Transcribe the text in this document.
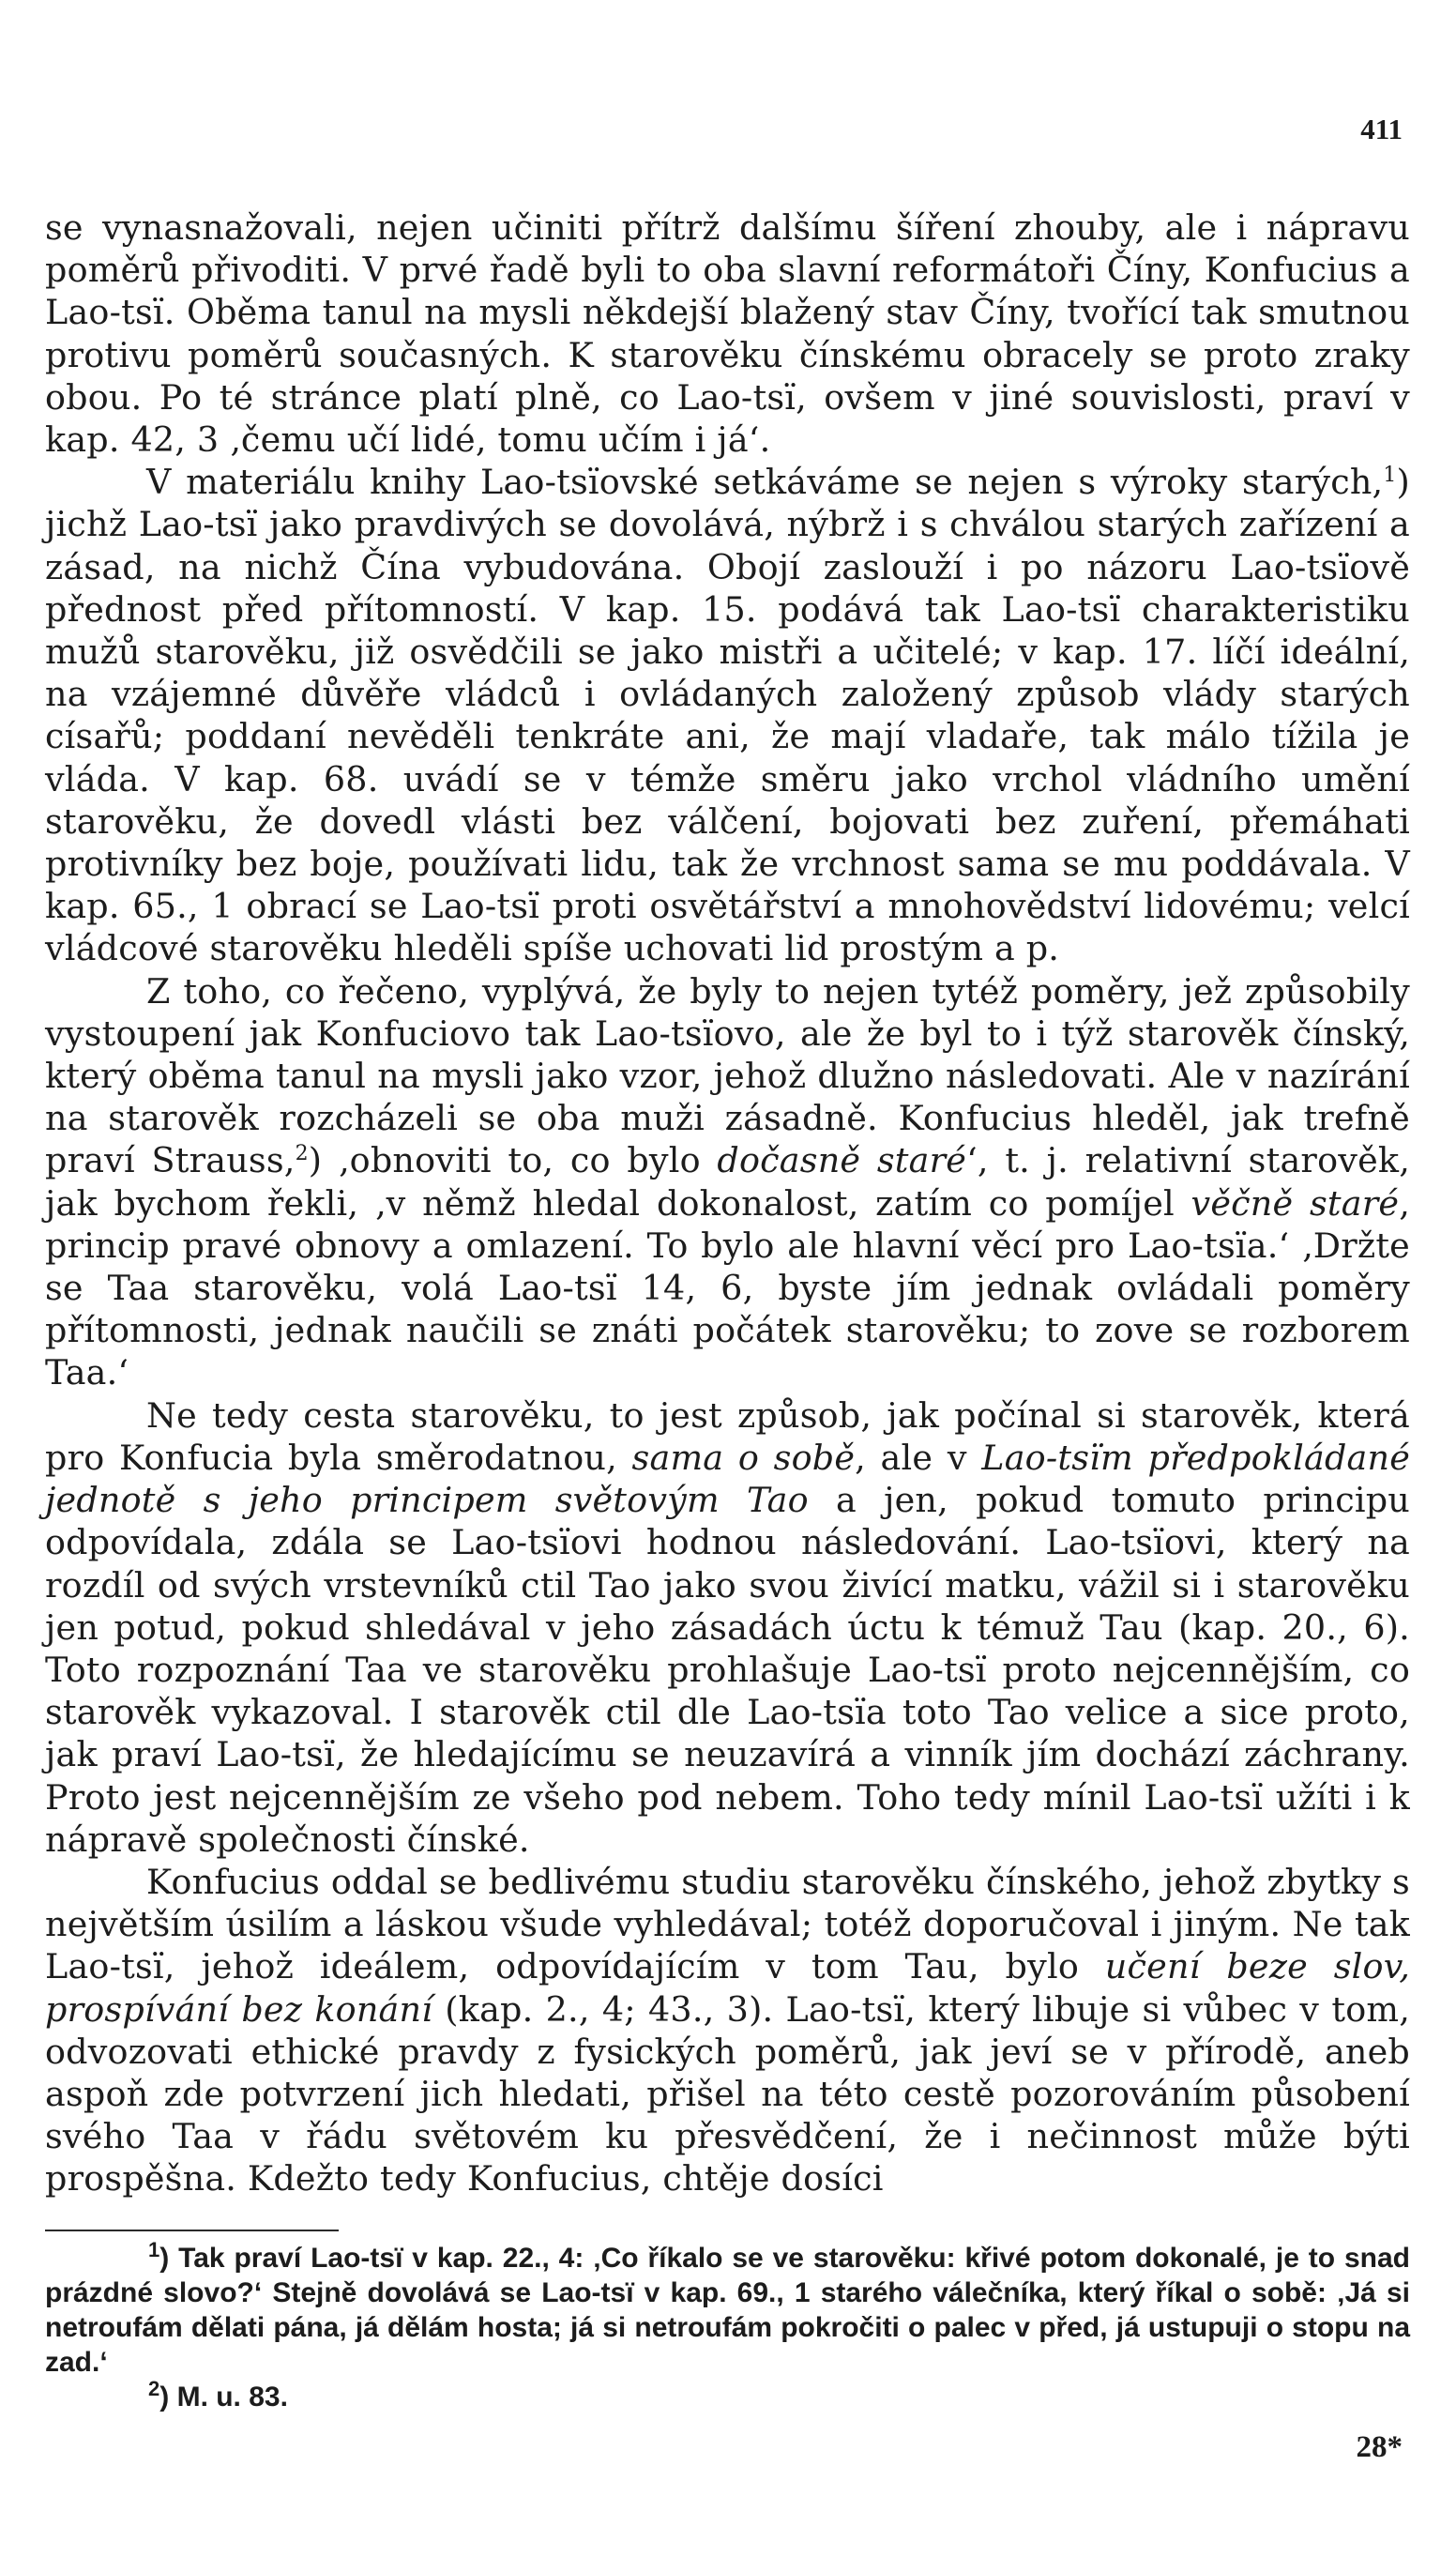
411

se vynasnažovali, nejen učiniti přítrž dalšímu šíření zhouby, ale i nápravu poměrů přivoditi. V prvé řadě byli to oba slavní reformátoři Číny, Konfucius a Lao-tsï. Oběma tanul na mysli někdejší blažený stav Číny, tvořící tak smutnou protivu poměrů současných. K starověku čínskému obracely se proto zraky obou. Po té stránce platí plně, co Lao-tsï, ovšem v jiné souvislosti, praví v kap. 42, 3 ‚čemu učí lidé, tomu učím i já‘.

V materiálu knihy Lao-tsïovské setkáváme se nejen s výroky starých,$^1$) jichž Lao-tsï jako pravdivých se dovolává, nýbrž i s chválou starých zařízení a zásad, na nichž Čína vybudována. Obojí zaslouží i po názoru Lao-tsïově přednost před přítomností. V kap. 15. podává tak Lao-tsï charakteristiku mužů starověku, již osvědčili se jako mistři a učitelé; v kap. 17. líčí ideální, na vzájemné důvěře vládců i ovládaných založený způsob vlády starých císařů; poddaní nevěděli tenkráte ani, že mají vladaře, tak málo tížila je vláda. V kap. 68. uvádí se v témže směru jako vrchol vládního umění starověku, že dovedl vlásti bez válčení, bojovati bez zuření, přemáhati protivníky bez boje, používati lidu, tak že vrchnost sama se mu poddávala. V kap. 65., 1 obrací se Lao-tsï proti osvětářství a mnohovědství lidovému; velcí vládcové starověku hleděli spíše uchovati lid prostým a p.

Z toho, co řečeno, vyplývá, že byly to nejen tytéž poměry, jež způsobily vystoupení jak Konfuciovo tak Lao-tsïovo, ale že byl to i týž starověk čínský, který oběma tanul na mysli jako vzor, jehož dlužno následovati. Ale v nazírání na starověk rozcházeli se oba muži zásadně. Konfucius hleděl, jak trefně praví Strauss,$^2$) ‚obnoviti to, co bylo dočasně staré‘, t. j. relativní starověk, jak bychom řekli, ‚v němž hledal dokonalost, zatím co pomíjel věčně staré, princip pravé obnovy a omlazení. To bylo ale hlavní věcí pro Lao-tsïa.‘ ‚Držte se Taa starověku, volá Lao-tsï 14, 6, byste jím jednak ovládali poměry přítomnosti, jednak naučili se znáti počátek starověku; to zove se rozborem Taa.‘

Ne tedy cesta starověku, to jest způsob, jak počínal si starověk, která pro Konfucia byla směrodatnou, sama o sobě, ale v Lao-tsïm předpokládané jednotě s jeho principem světovým Tao a jen, pokud tomuto principu odpovídala, zdála se Lao-tsïovi hodnou následování. Lao-tsïovi, který na rozdíl od svých vrstevníků ctil Tao jako svou živící matku, vážil si i starověku jen potud, pokud shledával v jeho zásadách úctu k témuž Tau (kap. 20., 6). Toto rozpoznání Taa ve starověku prohlašuje Lao-tsï proto nejcennějším, co starověk vykazoval. I starověk ctil dle Lao-tsïa toto Tao velice a sice proto, jak praví Lao-tsï, že hledajícímu se neuzavírá a vinník jím dochází záchrany. Proto jest nejcennějším ze všeho pod nebem. Toho tedy mínil Lao-tsï užíti i k nápravě společnosti čínské.

Konfucius oddal se bedlivému studiu starověku čínského, jehož zbytky s největším úsilím a láskou všude vyhledával; totéž doporučoval i jiným. Ne tak Lao-tsï, jehož ideálem, odpovídajícím v tom Tau, bylo učení beze slov, prospívání bez konání (kap. 2., 4; 43., 3). Lao-tsï, který libuje si vůbec v tom, odvozovati ethické pravdy z fysických poměrů, jak jeví se v přírodě, aneb aspoň zde potvrzení jich hledati, přišel na této cestě pozorováním působení svého Taa v řádu světovém ku přesvědčení, že i nečinnost může býti prospěšna. Kdežto tedy Konfucius, chtěje dosíci

$^1$) Tak praví Lao-tsï v kap. 22., 4: ‚Co říkalo se ve starověku: křivé potom dokonalé, je to snad prázdné slovo?‘ Stejně dovolává se Lao-tsï v kap. 69., 1 starého válečníka, který říkal o sobě: ‚Já si netroufám dělati pána, já dělám hosta; já si netroufám pokročiti o palec v před, já ustupuji o stopu na zad.‘

$^2$) M. u. 83.

28*
